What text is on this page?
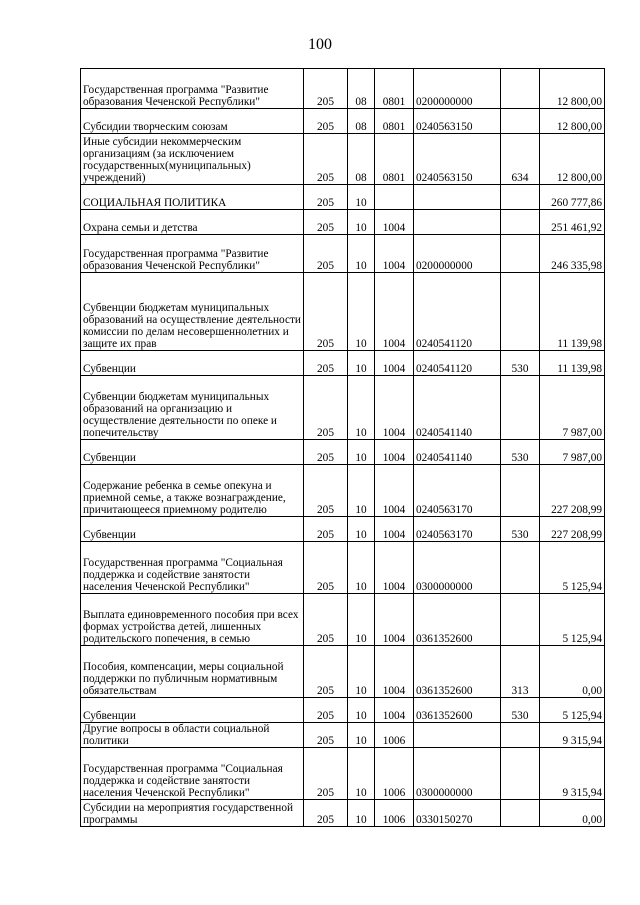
100
Государственная программа "Развитие образования Чеченской Республики"	205	08	0801	0200000000		12 800,00
Субсидии творческим союзам	205	08	0801	0240563150		12 800,00
Иные субсидии некоммерческим организациям (за исключением государственных(муниципальных) учреждений)	205	08	0801	0240563150	634	12 800,00
СОЦИАЛЬНАЯ ПОЛИТИКА	205	10				260 777,86
Охрана семьи и детства	205	10	1004			251 461,92
Государственная программа "Развитие образования Чеченской Республики"	205	10	1004	0200000000		246 335,98
Субвенции бюджетам муниципальных образований на осуществление деятельности комиссии по делам несовершеннолетних и защите их прав	205	10	1004	0240541120		11 139,98
Субвенции	205	10	1004	0240541120	530	11 139,98
Субвенции бюджетам муниципальных образований на организацию и осуществление деятельности по опеке и попечительству	205	10	1004	0240541140		7 987,00
Субвенции	205	10	1004	0240541140	530	7 987,00
Содержание ребенка в семье опекуна и приемной семье, а также вознаграждение, причитающееся приемному родителю	205	10	1004	0240563170		227 208,99
Субвенции	205	10	1004	0240563170	530	227 208,99
Государственная программа "Социальная поддержка и содействие занятости населения Чеченской Республики"	205	10	1004	0300000000		5 125,94
Выплата единовременного пособия при всех формах устройства детей, лишенных родительского попечения, в семью	205	10	1004	0361352600		5 125,94
Пособия, компенсации, меры социальной поддержки по публичным нормативным обязательствам	205	10	1004	0361352600	313	0,00
Субвенции	205	10	1004	0361352600	530	5 125,94
Другие вопросы в области социальной политики	205	10	1006			9 315,94
Государственная программа "Социальная поддержка и содействие занятости населения Чеченской Республики"	205	10	1006	0300000000		9 315,94
Субсидии на мероприятия государственной программы	205	10	1006	0330150270		0,00
